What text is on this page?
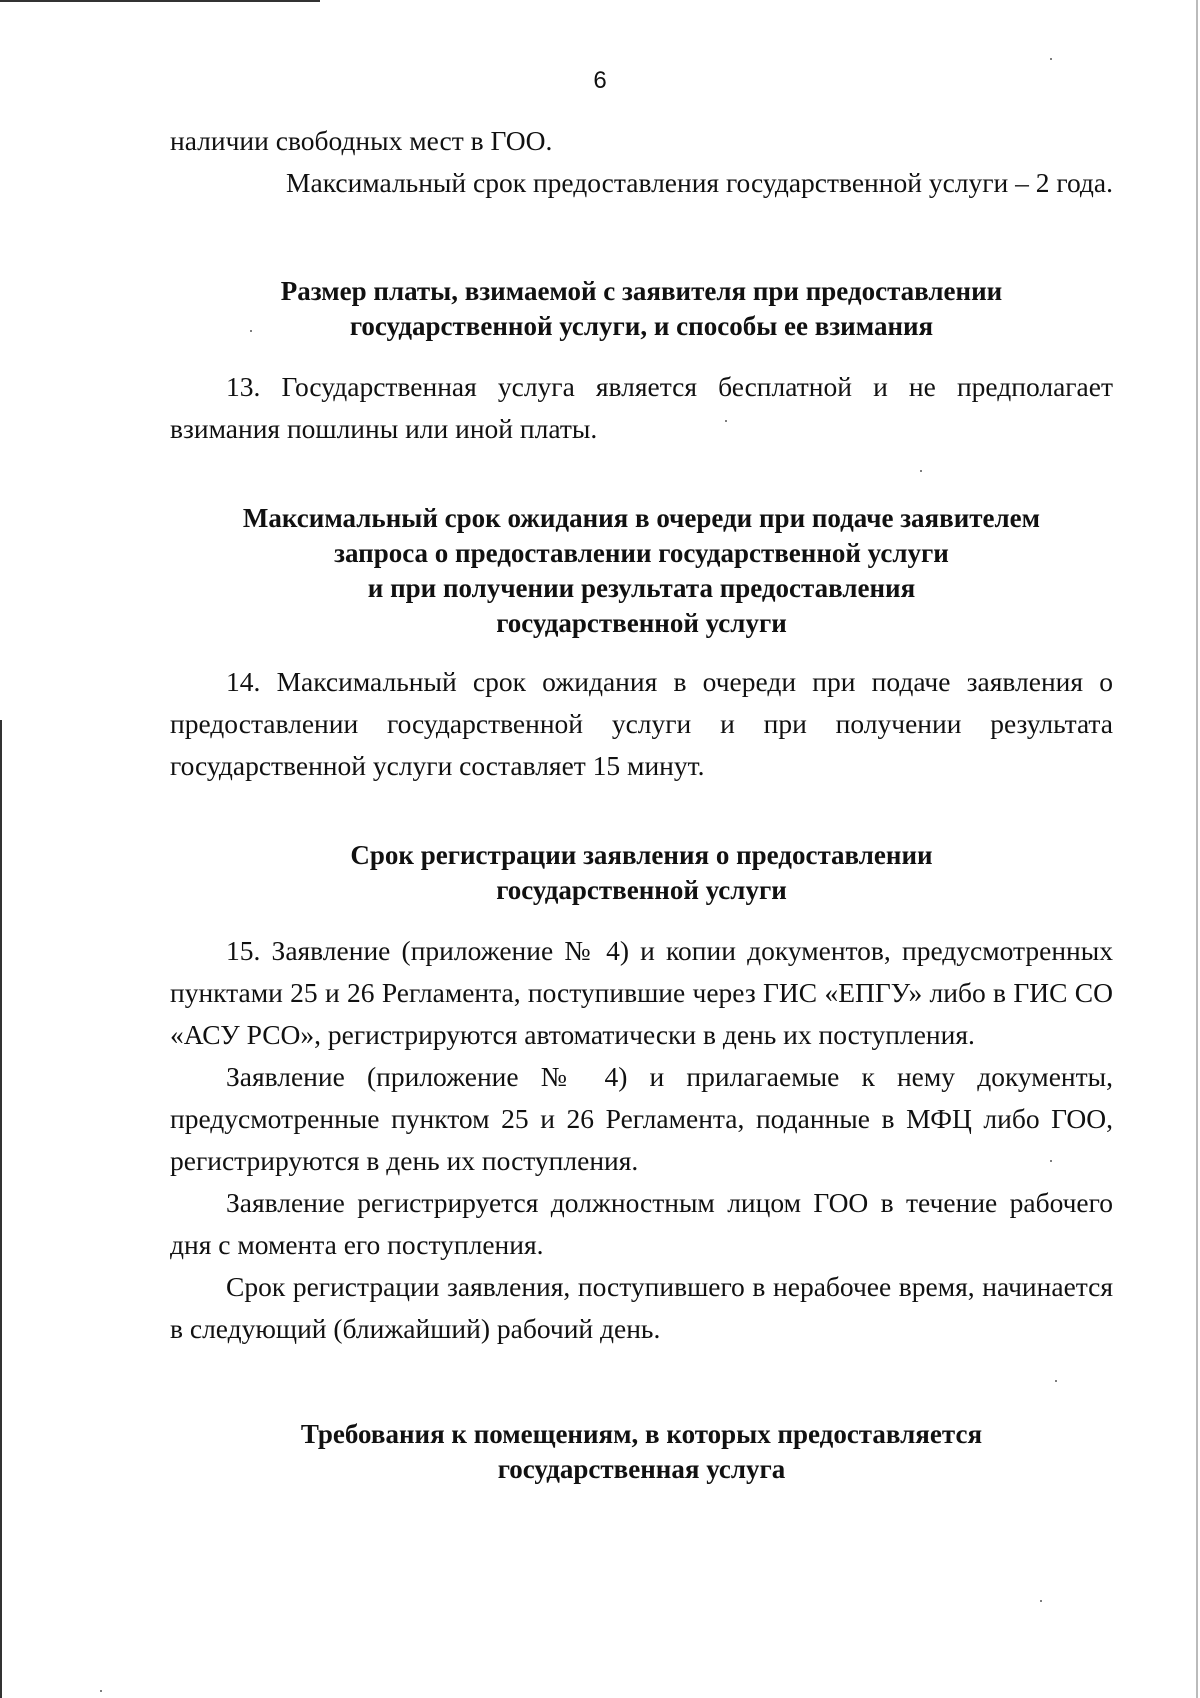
6

наличии свободных мест в ГОО.

Максимальный срок предоставления государственной услуги – 2 года.

Размер платы, взимаемой с заявителя при предоставлении
государственной услуги, и способы ее взимания

13. Государственная услуга является бесплатной и не предполагает взимания пошлины или иной платы.

Максимальный срок ожидания в очереди при подаче заявителем
запроса о предоставлении государственной услуги
и при получении результата предоставления
государственной услуги

14. Максимальный срок ожидания в очереди при подаче заявления о предоставлении государственной услуги и при получении результата государственной услуги составляет 15 минут.

Срок регистрации заявления о предоставлении
государственной услуги

15. Заявление (приложение № 4) и копии документов, предусмотренных пунктами 25 и 26 Регламента, поступившие через ГИС «ЕПГУ» либо в ГИС СО «АСУ РСО», регистрируются автоматически в день их поступления.

Заявление (приложение № 4) и прилагаемые к нему документы, предусмотренные пунктом 25 и 26 Регламента, поданные в МФЦ либо ГОО, регистрируются в день их поступления.

Заявление регистрируется должностным лицом ГОО в течение рабочего дня с момента его поступления.

Срок регистрации заявления, поступившего в нерабочее время, начинается в следующий (ближайший) рабочий день.

Требования к помещениям, в которых предоставляется
государственная услуга
